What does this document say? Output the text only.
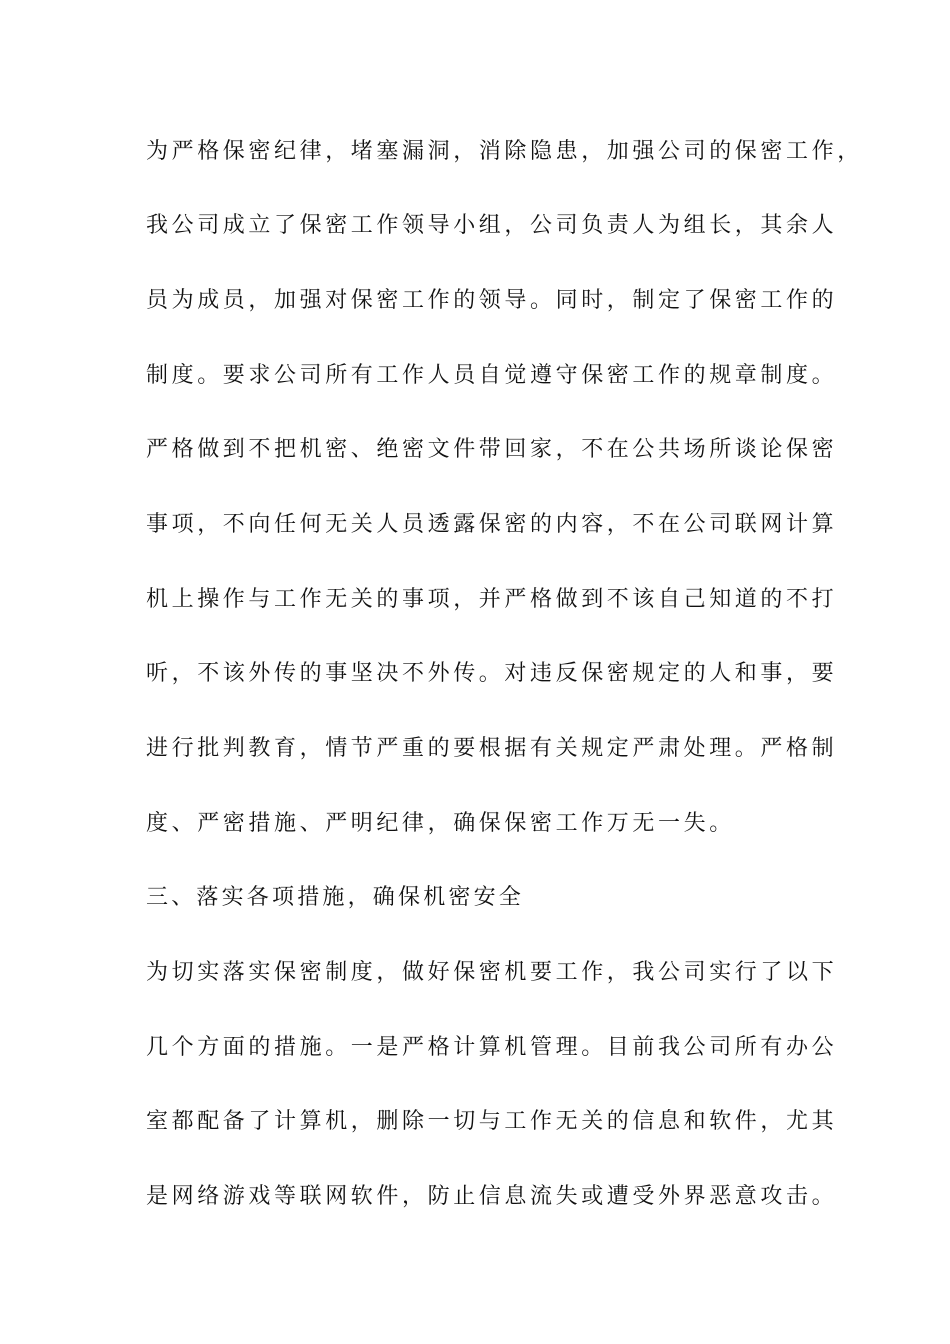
为严格保密纪律，堵塞漏洞，消除隐患，加强公司的保密工作，
我公司成立了保密工作领导小组，公司负责人为组长，其余人
员为成员，加强对保密工作的领导。同时，制定了保密工作的
制度。要求公司所有工作人员自觉遵守保密工作的规章制度。
严格做到不把机密、绝密文件带回家，不在公共场所谈论保密
事项，不向任何无关人员透露保密的内容，不在公司联网计算
机上操作与工作无关的事项，并严格做到不该自己知道的不打
听，不该外传的事坚决不外传。对违反保密规定的人和事，要
进行批判教育，情节严重的要根据有关规定严肃处理。严格制
度、严密措施、严明纪律，确保保密工作万无一失。
三、落实各项措施，确保机密安全
为切实落实保密制度，做好保密机要工作，我公司实行了以下
几个方面的措施。一是严格计算机管理。目前我公司所有办公
室都配备了计算机，删除一切与工作无关的信息和软件，尤其
是网络游戏等联网软件，防止信息流失或遭受外界恶意攻击。
